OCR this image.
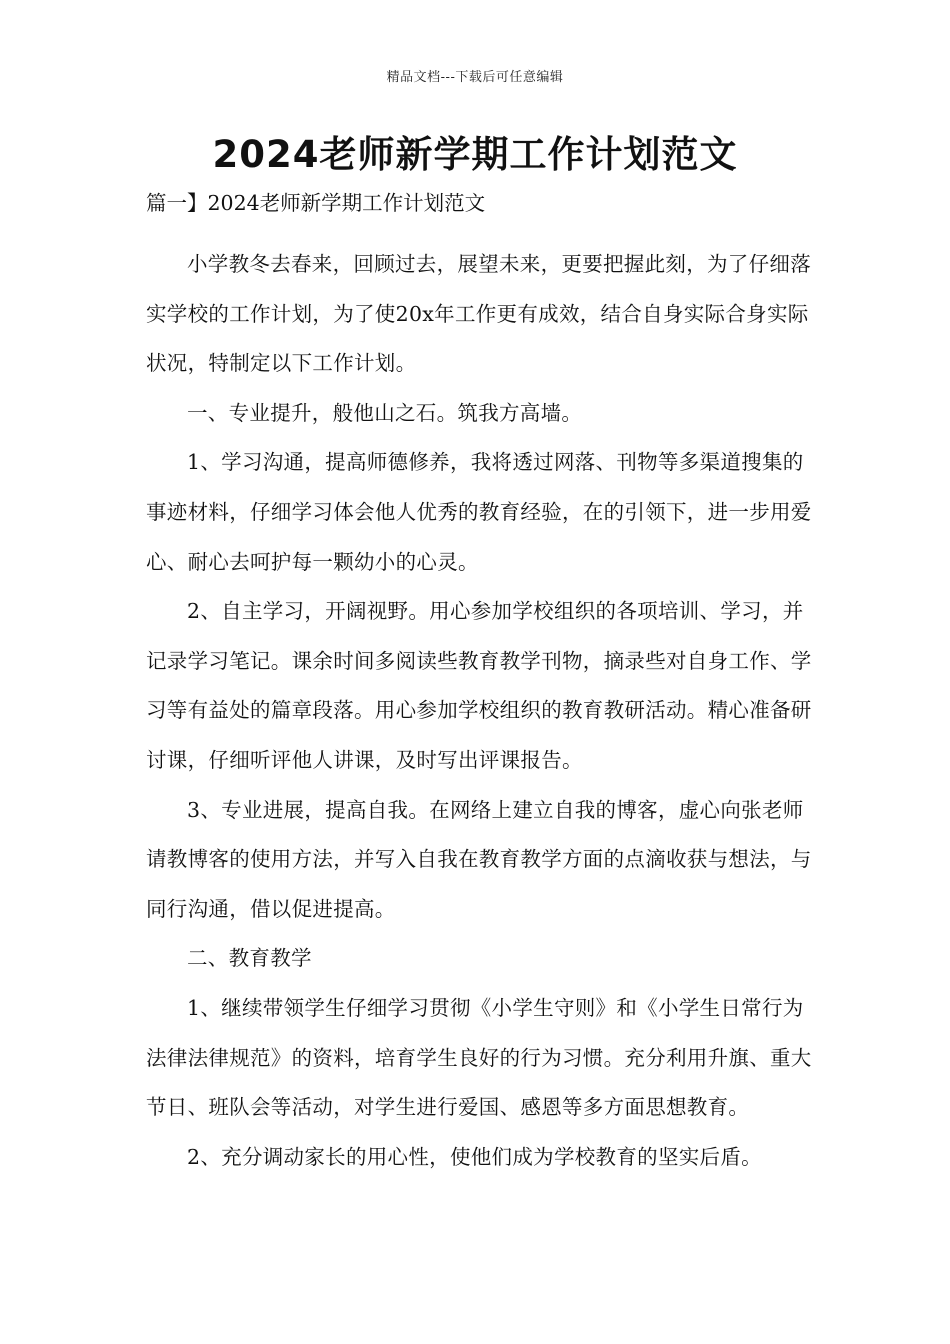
精品文档---下载后可任意编辑
2024老师新学期工作计划范文
篇一】2024老师新学期工作计划范文

小学教冬去春来，回顾过去，展望未来，更要把握此刻，为了仔细落实学校的工作计划，为了使20x年工作更有成效，结合自身实际合身实际状况，特制定以下工作计划。

一、专业提升，般他山之石。筑我方高墙。

1、学习沟通，提高师德修养，我将透过网落、刊物等多渠道搜集的事迹材料，仔细学习体会他人优秀的教育经验，在的引领下，进一步用爱心、耐心去呵护每一颗幼小的心灵。

2、自主学习，开阔视野。用心参加学校组织的各项培训、学习，并记录学习笔记。课余时间多阅读些教育教学刊物，摘录些对自身工作、学习等有益处的篇章段落。用心参加学校组织的教育教研活动。精心准备研讨课，仔细听评他人讲课，及时写出评课报告。

3、专业进展，提高自我。在网络上建立自我的博客，虚心向张老师请教博客的使用方法，并写入自我在教育教学方面的点滴收获与想法，与同行沟通，借以促进提高。

二、教育教学

1、继续带领学生仔细学习贯彻《小学生守则》和《小学生日常行为法律法律规范》的资料，培育学生良好的行为习惯。充分利用升旗、重大节日、班队会等活动，对学生进行爱国、感恩等多方面思想教育。

2、充分调动家长的用心性，使他们成为学校教育的坚实后盾。
